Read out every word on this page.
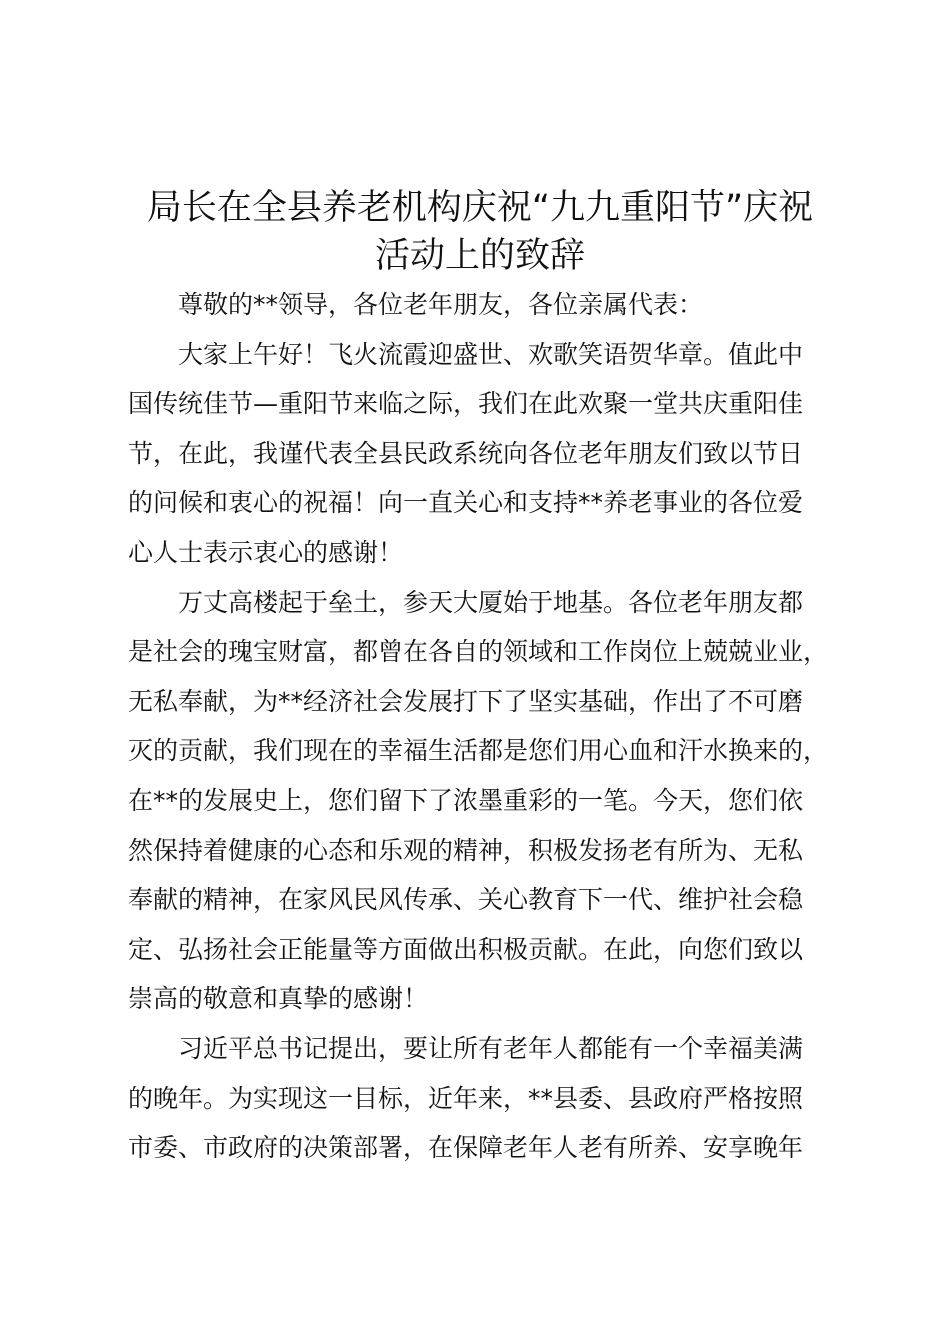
局长在全县养老机构庆祝“九九重阳节”庆祝
活动上的致辞
尊敬的**领导，各位老年朋友，各位亲属代表：
大家上午好！飞火流霞迎盛世、欢歌笑语贺华章。值此中
国传统佳节—重阳节来临之际，我们在此欢聚一堂共庆重阳佳
节，在此，我谨代表全县民政系统向各位老年朋友们致以节日
的问候和衷心的祝福！向一直关心和支持**养老事业的各位爱
心人士表示衷心的感谢！
万丈高楼起于垒土，参天大厦始于地基。各位老年朋友都
是社会的瑰宝财富，都曾在各自的领域和工作岗位上兢兢业业，
无私奉献，为**经济社会发展打下了坚实基础，作出了不可磨
灭的贡献，我们现在的幸福生活都是您们用心血和汗水换来的，
在**的发展史上，您们留下了浓墨重彩的一笔。今天，您们依
然保持着健康的心态和乐观的精神，积极发扬老有所为、无私
奉献的精神，在家风民风传承、关心教育下一代、维护社会稳
定、弘扬社会正能量等方面做出积极贡献。在此，向您们致以
崇高的敬意和真挚的感谢！
习近平总书记提出，要让所有老年人都能有一个幸福美满
的晚年。为实现这一目标，近年来，**县委、县政府严格按照
市委、市政府的决策部署，在保障老年人老有所养、安享晚年
